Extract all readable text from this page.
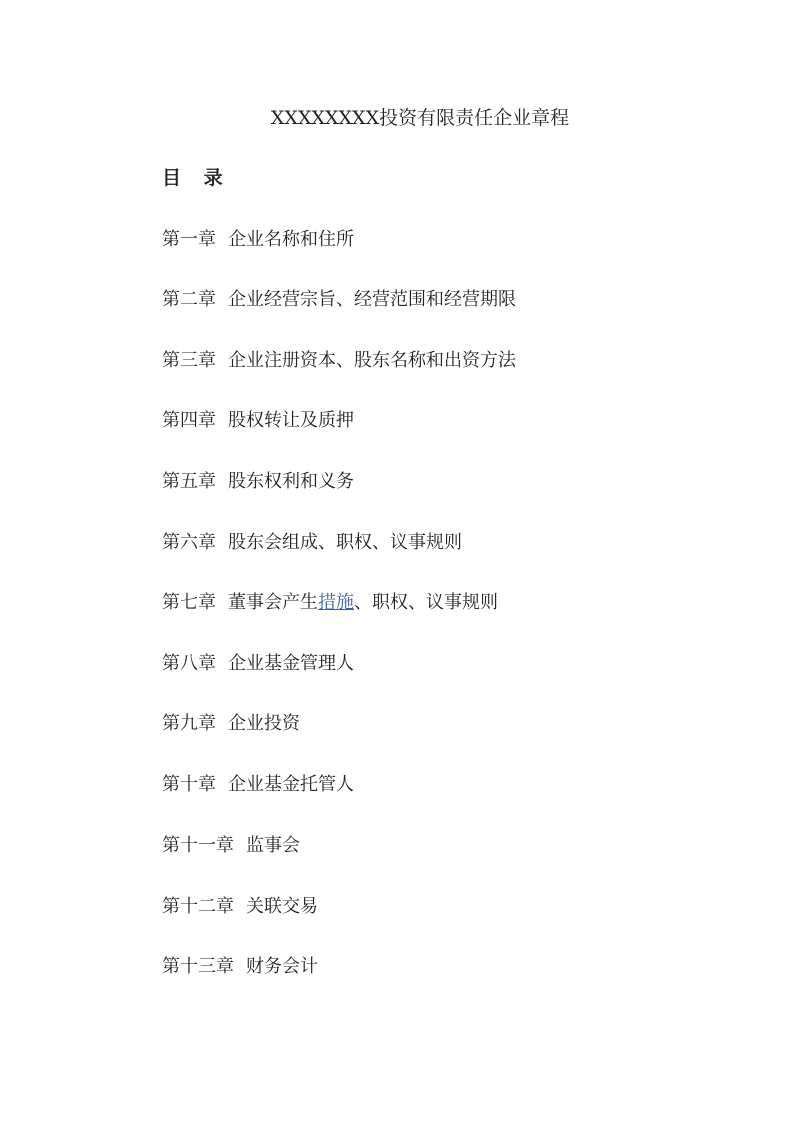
XXXXXXXX投资有限责任企业章程
目 录
第一章 企业名称和住所
第二章 企业经营宗旨、经营范围和经营期限
第三章 企业注册资本、股东名称和出资方法
第四章 股权转让及质押
第五章 股东权利和义务
第六章 股东会组成、职权、议事规则
第七章 董事会产生措施、职权、议事规则
第八章 企业基金管理人
第九章 企业投资
第十章 企业基金托管人
第十一章 监事会
第十二章 关联交易
第十三章 财务会计
